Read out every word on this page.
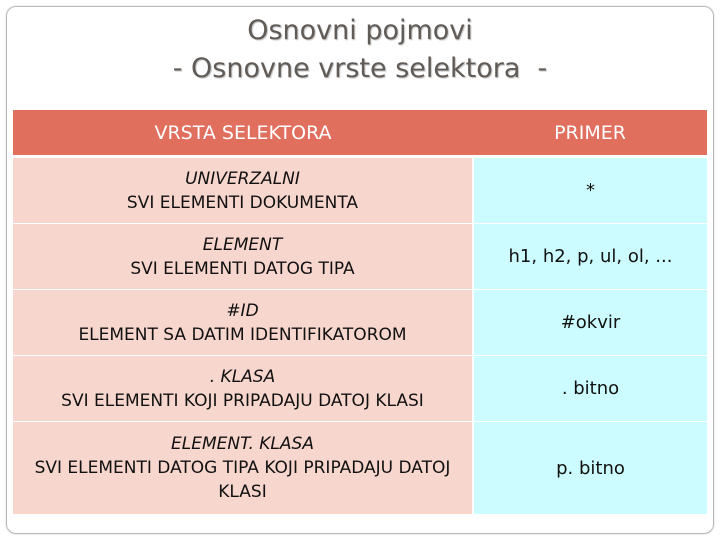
Osnovni pojmovi
- Osnovne vrste selektora  -
VRSTA SELEKTORA	PRIMER

UNIVERZALNI
SVI ELEMENTI DOKUMENTA	*

ELEMENT
SVI ELEMENTI DATOG TIPA	h1, h2, p, ul, ol, ...

#ID
ELEMENT SA DATIM IDENTIFIKATOROM	#okvir

. KLASA
SVI ELEMENTI KOJI PRIPADAJU DATOJ KLASI	. bitno

ELEMENT. KLASA
SVI ELEMENTI DATOG TIPA KOJI PRIPADAJU DATOJ KLASI	p. bitno
